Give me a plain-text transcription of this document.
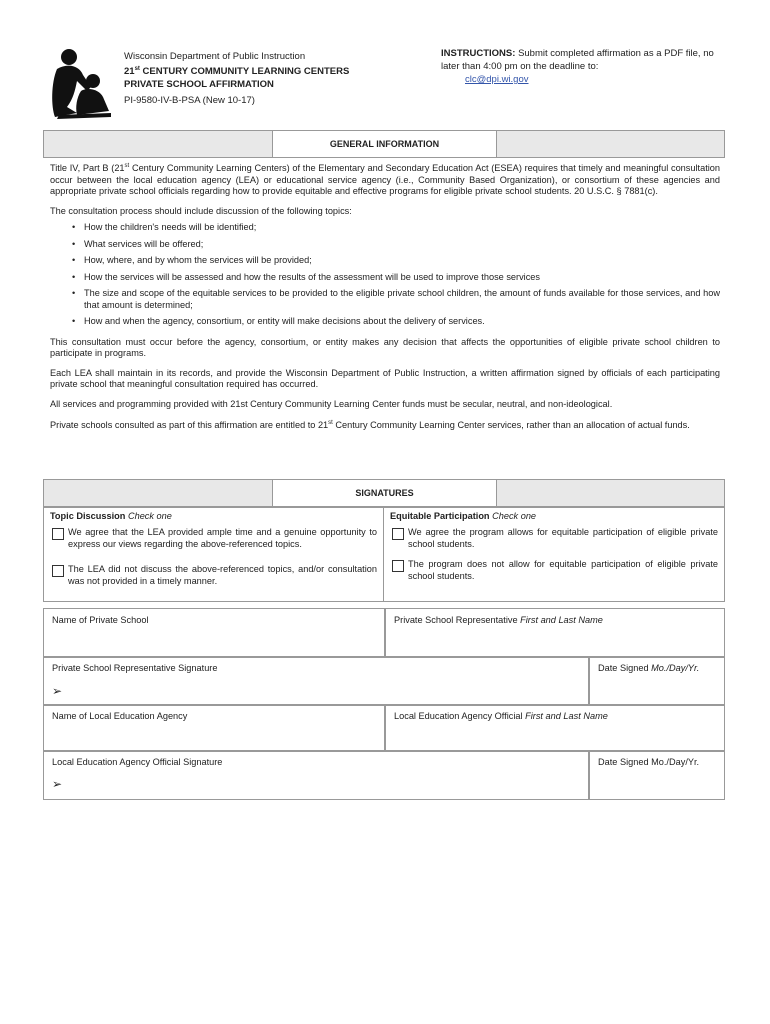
Wisconsin Department of Public Instruction
21st CENTURY COMMUNITY LEARNING CENTERS
PRIVATE SCHOOL AFFIRMATION
PI-9580-IV-B-PSA (New 10-17)
INSTRUCTIONS: Submit completed affirmation as a PDF file, no later than 4:00 pm on the deadline to:
clc@dpi.wi.gov
GENERAL INFORMATION

Title IV, Part B (21st Century Community Learning Centers) of the Elementary and Secondary Education Act (ESEA) requires that timely and meaningful consultation occur between the local education agency (LEA) or educational service agency (i.e., Community Based Organization), or consortium of these agencies and appropriate private school officials regarding how to provide equitable and effective programs for eligible private school students. 20 U.S.C. § 7881(c).

The consultation process should include discussion of the following topics:

• How the children's needs will be identified;
• What services will be offered;
• How, where, and by whom the services will be provided;
• How the services will be assessed and how the results of the assessment will be used to improve those services
• The size and scope of the equitable services to be provided to the eligible private school children, the amount of funds available for those services, and how that amount is determined;
• How and when the agency, consortium, or entity will make decisions about the delivery of services.

This consultation must occur before the agency, consortium, or entity makes any decision that affects the opportunities of eligible private school children to participate in programs.

Each LEA shall maintain in its records, and provide the Wisconsin Department of Public Instruction, a written affirmation signed by officials of each participating private school that meaningful consultation required has occurred.

All services and programming provided with 21st Century Community Learning Center funds must be secular, neutral, and non-ideological.

Private schools consulted as part of this affirmation are entitled to 21st Century Community Learning Center services, rather than an allocation of actual funds.

SIGNATURES
Topic Discussion Check one
We agree that the LEA provided ample time and a genuine opportunity to express our views regarding the above-referenced topics.
The LEA did not discuss the above-referenced topics, and/or consultation was not provided in a timely manner.
Equitable Participation Check one
We agree the program allows for equitable participation of eligible private school students.
The program does not allow for equitable participation of eligible private school students.
Name of Private School	Private School Representative First and Last Name
Private School Representative Signature
➢
Date Signed Mo./Day/Yr.
Name of Local Education Agency	Local Education Agency Official First and Last Name
Local Education Agency Official Signature
➢
Date Signed Mo./Day/Yr.
